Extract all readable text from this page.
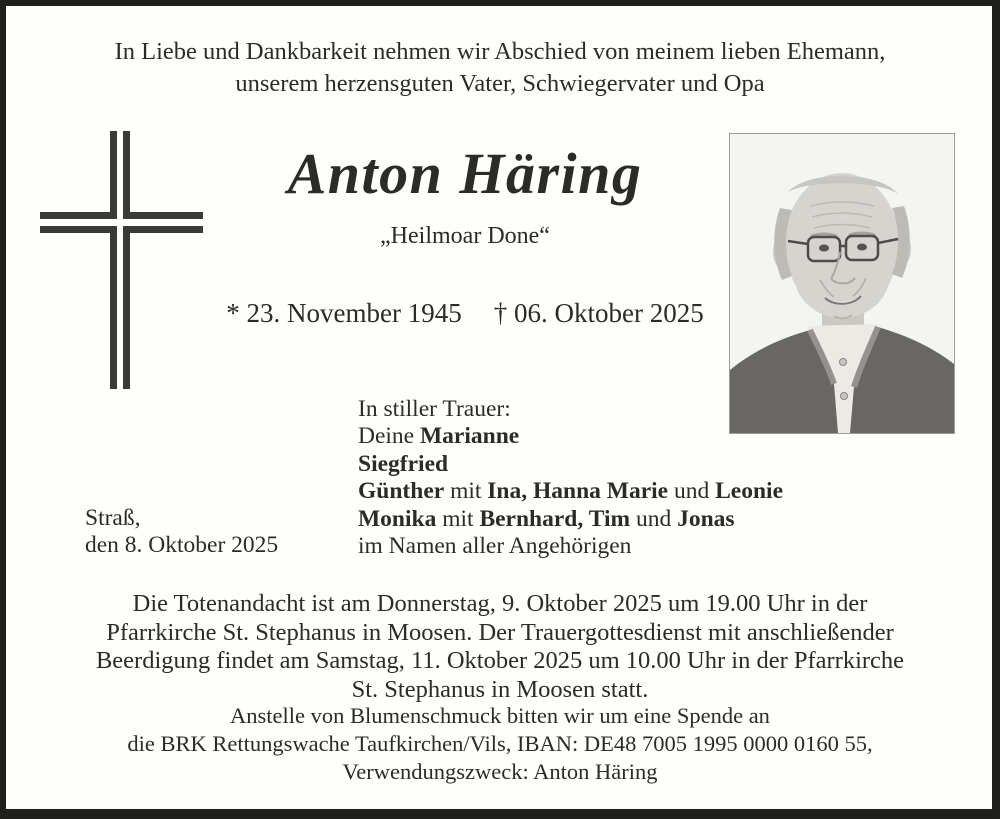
In Liebe und Dankbarkeit nehmen wir Abschied von meinem lieben Ehemann,
unserem herzensguten Vater, Schwiegervater und Opa
Anton Häring
„Heilmoar Done“
* 23. November 1945 † 06. Oktober 2025
In stiller Trauer:
Deine Marianne
Siegfried
Günther mit Ina, Hanna Marie und Leonie
Monika mit Bernhard, Tim und Jonas
im Namen aller Angehörigen
Straß,
den 8. Oktober 2025
Die Totenandacht ist am Donnerstag, 9. Oktober 2025 um 19.00 Uhr in der
Pfarrkirche St. Stephanus in Moosen. Der Trauergottesdienst mit anschließender
Beerdigung findet am Samstag, 11. Oktober 2025 um 10.00 Uhr in der Pfarrkirche
St. Stephanus in Moosen statt.
Anstelle von Blumenschmuck bitten wir um eine Spende an
die BRK Rettungswache Taufkirchen/Vils, IBAN: DE48 7005 1995 0000 0160 55,
Verwendungszweck: Anton Häring
